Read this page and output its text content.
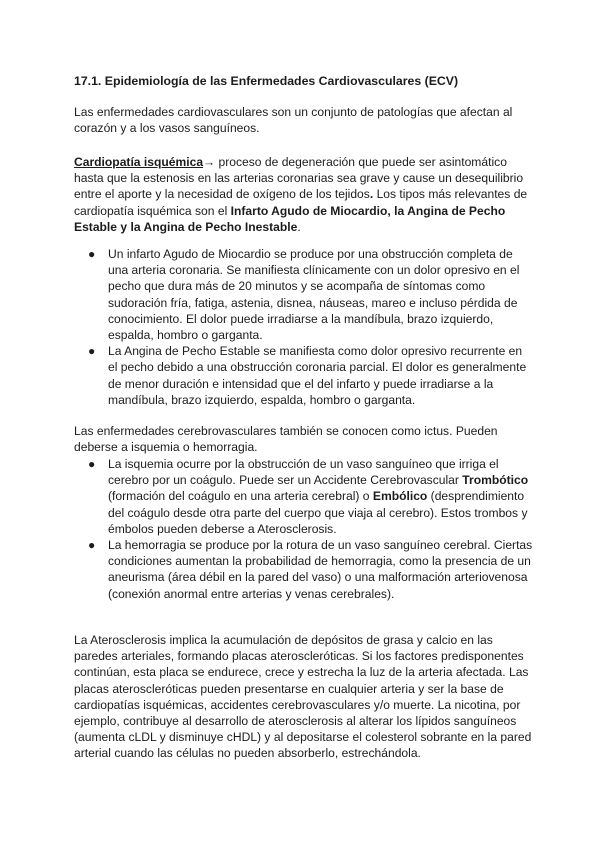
17.1. Epidemiología de las Enfermedades Cardiovasculares (ECV)

Las enfermedades cardiovasculares son un conjunto de patologías que afectan al corazón y a los vasos sanguíneos.

Cardiopatía isquémica→ proceso de degeneración que puede ser asintomático hasta que la estenosis en las arterias coronarias sea grave y cause un desequilibrio entre el aporte y la necesidad de oxígeno de los tejidos. Los tipos más relevantes de cardiopatía isquémica son el Infarto Agudo de Miocardio, la Angina de Pecho Estable y la Angina de Pecho Inestable.

● Un infarto Agudo de Miocardio se produce por una obstrucción completa de una arteria coronaria. Se manifiesta clínicamente con un dolor opresivo en el pecho que dura más de 20 minutos y se acompaña de síntomas como sudoración fría, fatiga, astenia, disnea, náuseas, mareo e incluso pérdida de conocimiento. El dolor puede irradiarse a la mandíbula, brazo izquierdo, espalda, hombro o garganta.
● La Angina de Pecho Estable se manifiesta como dolor opresivo recurrente en el pecho debido a una obstrucción coronaria parcial. El dolor es generalmente de menor duración e intensidad que el del infarto y puede irradiarse a la mandíbula, brazo izquierdo, espalda, hombro o garganta.

Las enfermedades cerebrovasculares también se conocen como ictus. Pueden deberse a isquemia o hemorragia.

● La isquemia ocurre por la obstrucción de un vaso sanguíneo que irriga el cerebro por un coágulo. Puede ser un Accidente Cerebrovascular Trombótico (formación del coágulo en una arteria cerebral) o Embólico (desprendimiento del coágulo desde otra parte del cuerpo que viaja al cerebro). Estos trombos y émbolos pueden deberse a Aterosclerosis.
● La hemorragia se produce por la rotura de un vaso sanguíneo cerebral. Ciertas condiciones aumentan la probabilidad de hemorragia, como la presencia de un aneurisma (área débil en la pared del vaso) o una malformación arteriovenosa (conexión anormal entre arterias y venas cerebrales).

La Aterosclerosis implica la acumulación de depósitos de grasa y calcio en las paredes arteriales, formando placas ateroscleróticas. Si los factores predisponentes continúan, esta placa se endurece, crece y estrecha la luz de la arteria afectada. Las placas ateroscleróticas pueden presentarse en cualquier arteria y ser la base de cardiopatías isquémicas, accidentes cerebrovasculares y/o muerte. La nicotina, por ejemplo, contribuye al desarrollo de aterosclerosis al alterar los lípidos sanguíneos (aumenta cLDL y disminuye cHDL) y al depositarse el colesterol sobrante en la pared arterial cuando las células no pueden absorberlo, estrechándola.
